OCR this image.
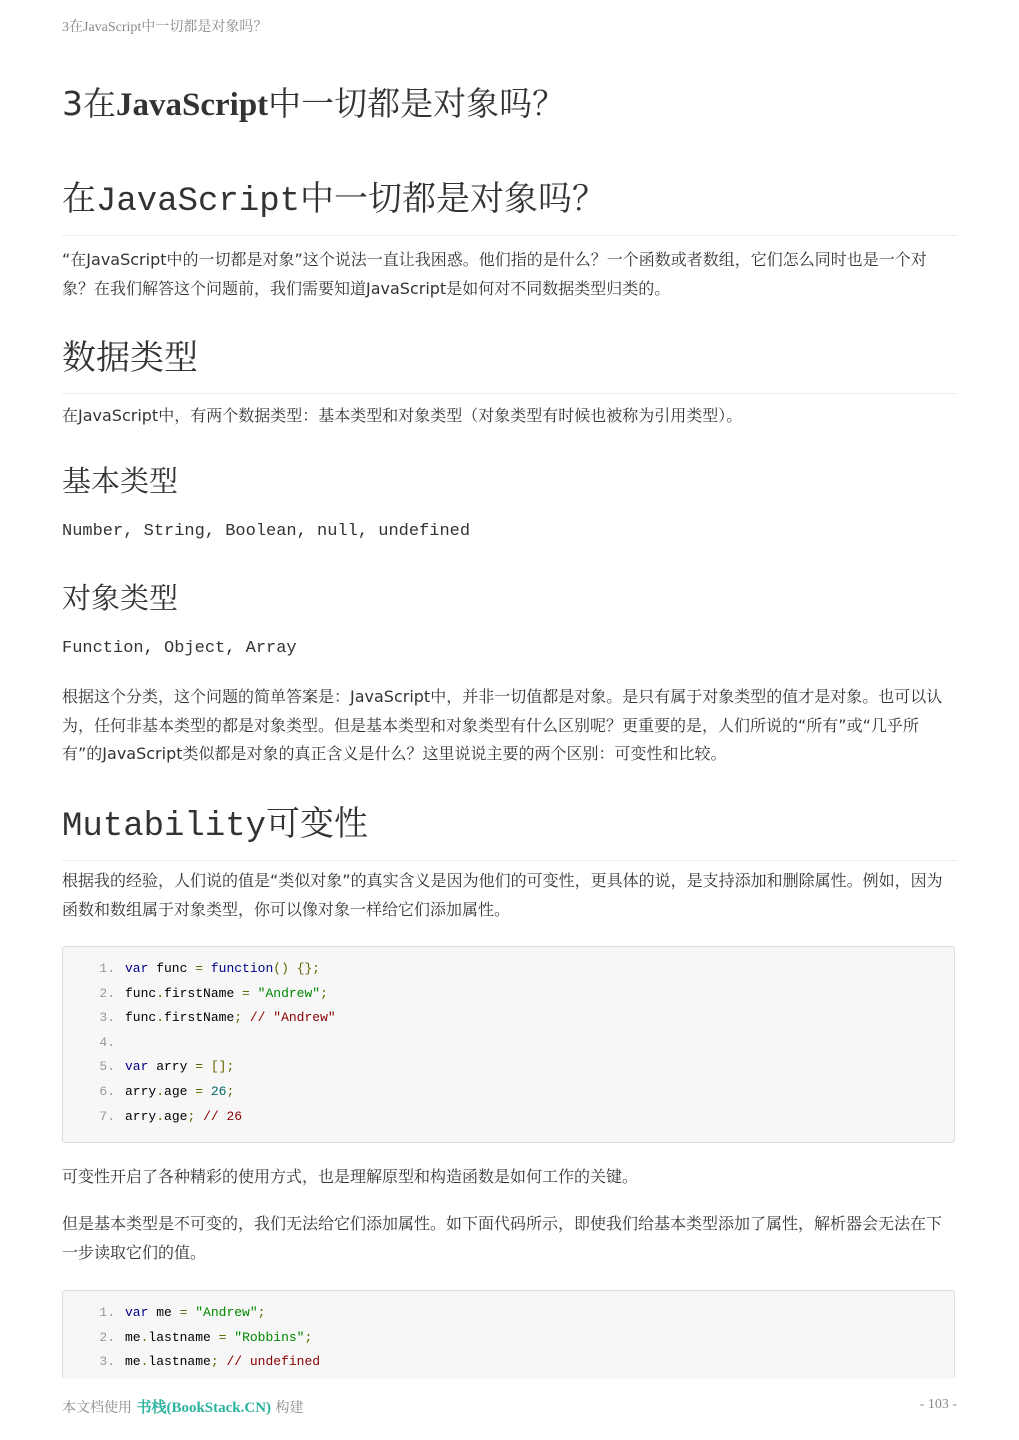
3在JavaScript中一切都是对象吗？
3在JavaScript中一切都是对象吗？
在JavaScript中一切都是对象吗？

“在JavaScript中的一切都是对象”这个说法一直让我困惑。他们指的是什么？一个函数或者数组，它们怎么同时也是一个对象？在我们解答这个问题前，我们需要知道JavaScript是如何对不同数据类型归类的。

数据类型

在JavaScript中，有两个数据类型：基本类型和对象类型（对象类型有时候也被称为引用类型）。

基本类型

Number, String, Boolean, null, undefined

对象类型

Function, Object, Array

根据这个分类，这个问题的简单答案是：JavaScript中，并非一切值都是对象。是只有属于对象类型的值才是对象。也可以认为，任何非基本类型的都是对象类型。但是基本类型和对象类型有什么区别呢？更重要的是，人们所说的“所有”或“几乎所有”的JavaScript类似都是对象的真正含义是什么？这里说说主要的两个区别：可变性和比较。

Mutability可变性

根据我的经验，人们说的值是“类似对象”的真实含义是因为他们的可变性，更具体的说，是支持添加和删除属性。例如，因为函数和数组属于对象类型，你可以像对象一样给它们添加属性。

1. var func = function() {};
2. func.firstName = "Andrew";
3. func.firstName; // "Andrew"
4.
5. var arry = [];
6. arry.age = 26;
7. arry.age; // 26

可变性开启了各种精彩的使用方式，也是理解原型和构造函数是如何工作的关键。

但是基本类型是不可变的，我们无法给它们添加属性。如下面代码所示，即使我们给基本类型添加了属性，解析器会无法在下一步读取它们的值。

1. var me = "Andrew";
2. me.lastname = "Robbins";
3. me.lastname; // undefined
本文档使用 书栈(BookStack.CN) 构建	- 103 -
